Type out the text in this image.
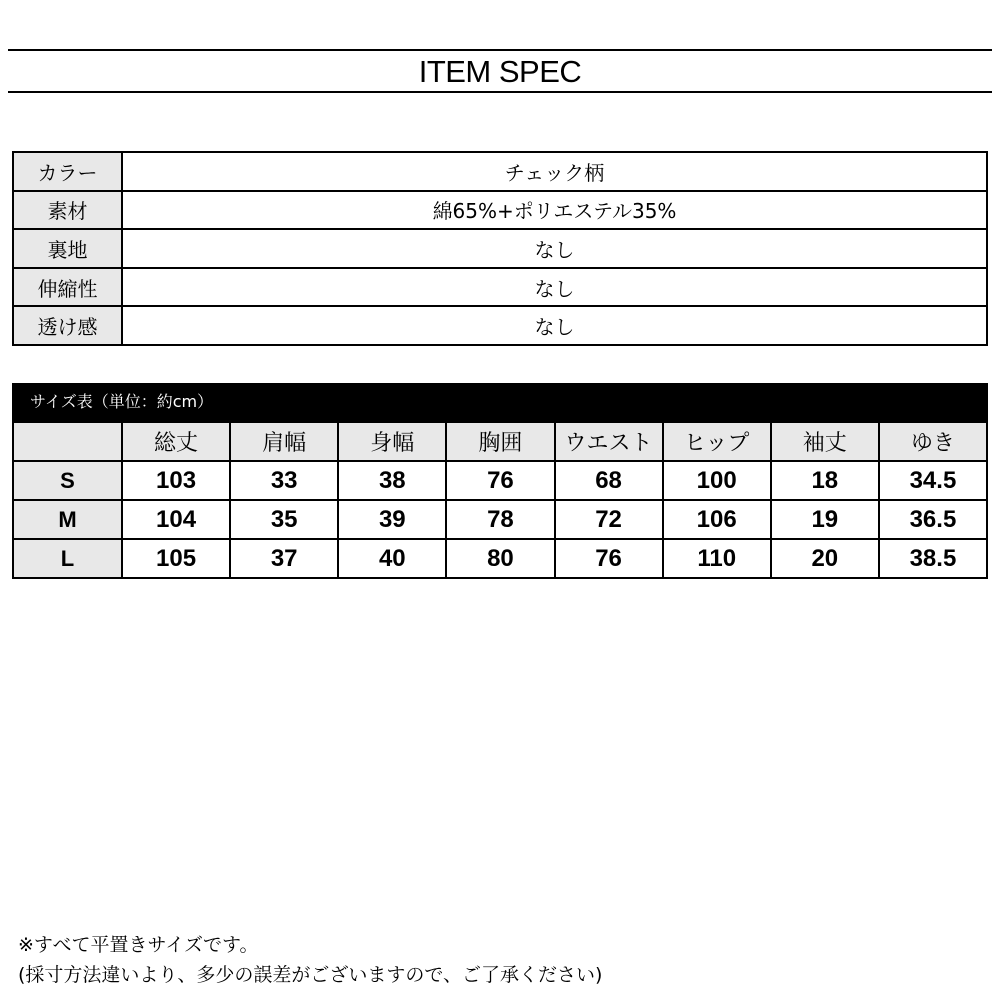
ITEM SPEC
カラー	チェック柄
素材	綿65%+ポリエステル35%
裏地	なし
伸縮性	なし
透け感	なし
サイズ表（単位：約cm）
	総丈	肩幅	身幅	胸囲	ウエスト	ヒップ	袖丈	ゆき
S	103	33	38	76	68	100	18	34.5
M	104	35	39	78	72	106	19	36.5
L	105	37	40	80	76	110	20	38.5
※すべて平置きサイズです。
(採寸方法違いより、多少の誤差がございますので、ご了承ください)
